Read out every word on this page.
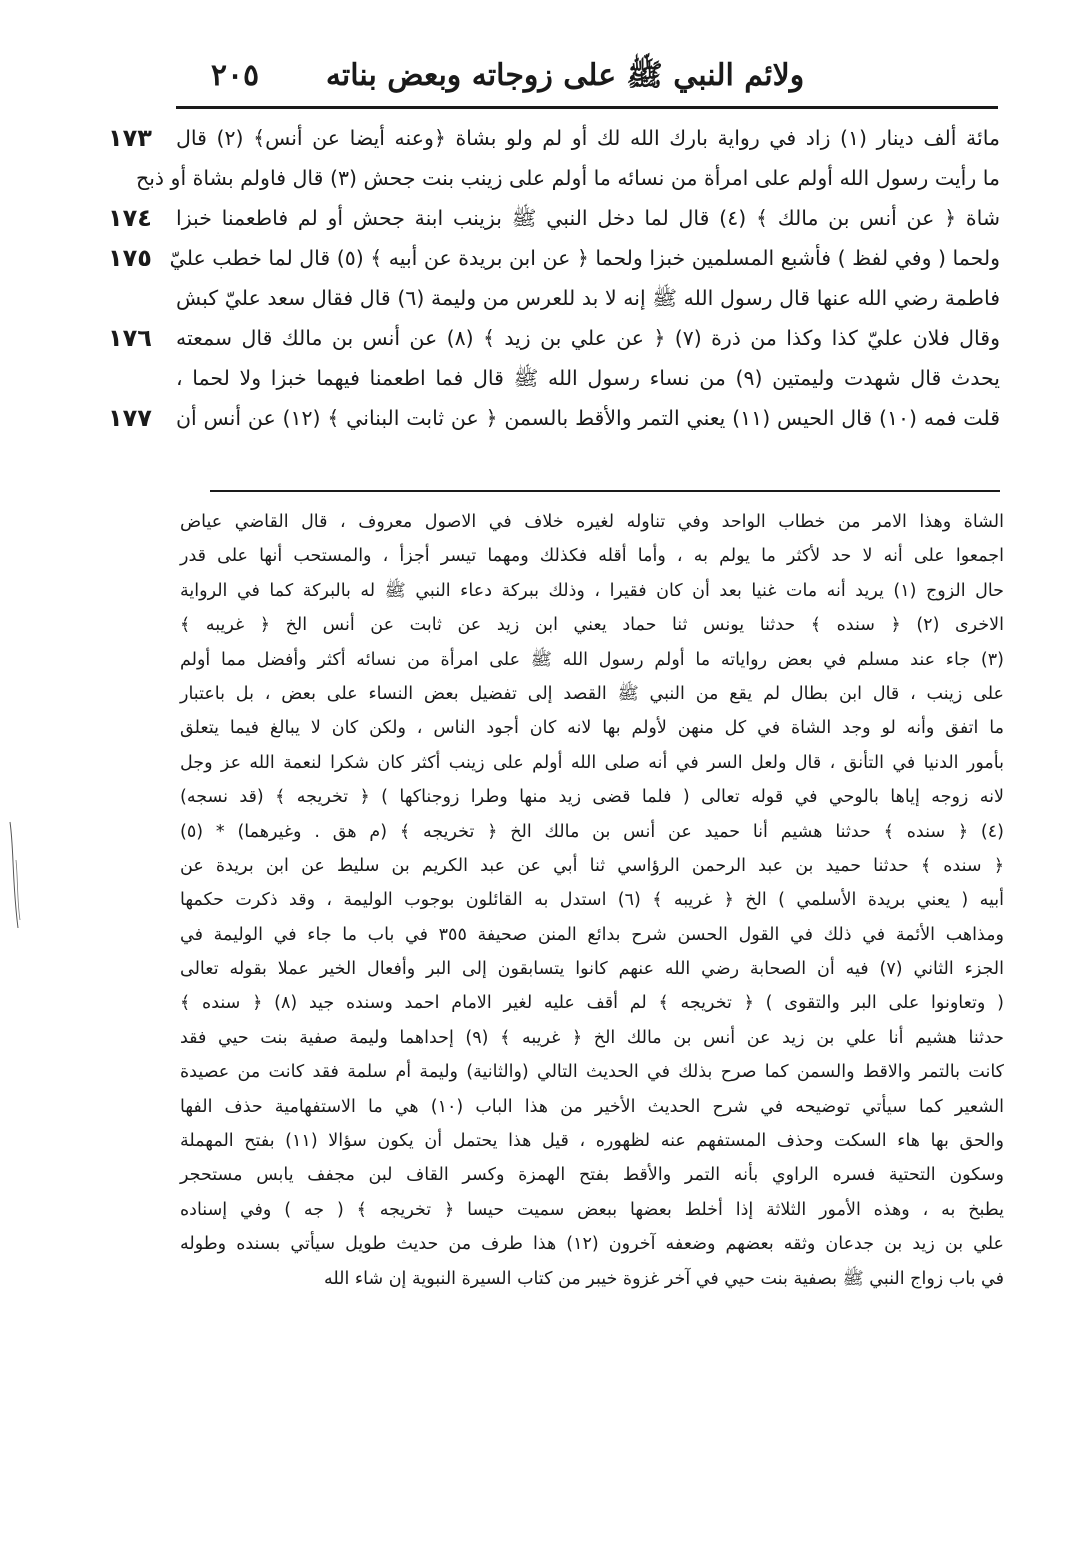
ولائم النبي ﷺ على زوجاته وبعض بناته
٢٠٥
مائة ألف دينار (١) زاد في رواية بارك الله لك أو لم ولو بشاة ﴿وعنه أيضا عن أنس﴾ (٢) قال
ما رأيت رسول الله أولم على امرأة من نسائه ما أولم على زينب بنت جحش (٣) قال فاولم بشاة أو ذبح
شاة ﴿ عن أنس بن مالك ﴾ (٤) قال لما دخل النبي ﷺ بزينب ابنة جحش أو لم فاطعمنا خبزا
ولحما ( وفي لفظ ) فأشبع المسلمين خبزا ولحما ﴿ عن ابن بريدة عن أبيه ﴾ (٥) قال لما خطب عليّ
فاطمة رضي الله عنها قال رسول الله ﷺ إنه لا بد للعرس من وليمة (٦) قال فقال سعد عليّ كبش
وقال فلان عليّ كذا وكذا من ذرة (٧) ﴿ عن علي بن زيد ﴾ (٨) عن أنس بن مالك قال سمعته
يحدث قال شهدت وليمتين (٩) من نساء رسول الله ﷺ قال فما اطعمنا فيهما خبزا ولا لحما ،
قلت فمه (١٠) قال الحيس (١١) يعني التمر والأقط بالسمن ﴿ عن ثابت البناني ﴾ (١٢) عن أنس أن
١٧٣
١٧٤
١٧٥
١٧٦
١٧٧
الشاة وهذا الامر من خطاب الواحد وفي تناوله لغيره خلاف في الاصول معروف ، قال القاضي عياض
اجمعوا على أنه لا حد لأكثر ما يولم به ، وأما أقله فكذلك ومهما تيسر أجزأ ، والمستحب أنها على قدر
حال الزوج (١) يريد أنه مات غنيا بعد أن كان فقيرا ، وذلك ببركة دعاء النبي ﷺ له بالبركة كما في الرواية
الاخرى (٢) ﴿ سنده ﴾ حدثنا يونس ثنا حماد يعني ابن زيد عن ثابت عن أنس الخ ﴿ غريبه ﴾
(٣) جاء عند مسلم في بعض رواياته ما أولم رسول الله ﷺ على امرأة من نسائه أكثر وأفضل مما أولم
على زينب ، قال ابن بطال لم يقع من النبي ﷺ القصد إلى تفضيل بعض النساء على بعض ، بل باعتبار
ما اتفق وأنه لو وجد الشاة في كل منهن لأولم بها لانه كان أجود الناس ، ولكن كان لا يبالغ فيما يتعلق
بأمور الدنيا في التأنق ، قال ولعل السر في أنه صلى الله أولم على زينب أكثر كان شكرا لنعمة الله عز وجل
لانه زوجه إياها بالوحي في قوله تعالى ( فلما قضى زيد منها وطرا زوجناكها ) ﴿ تخريجه ﴾ (قد نسجه)
(٤) ﴿ سنده ﴾ حدثنا هشيم أنا حميد عن أنس بن مالك الخ ﴿ تخريجه ﴾ (م هق . وغيرهما) * (٥)
﴿ سنده ﴾ حدثنا حميد بن عبد الرحمن الرؤاسي ثنا أبي عن عبد الكريم بن سليط عن ابن بريدة عن
أبيه ( يعني بريدة الأسلمي ) الخ ﴿ غريبه ﴾ (٦) استدل به القائلون بوجوب الوليمة ، وقد ذكرت حكمها
ومذاهب الأئمة في ذلك في القول الحسن شرح بدائع المنن صحيفة ٣٥٥ في باب ما جاء في الوليمة في
الجزء الثاني (٧) فيه أن الصحابة رضي الله عنهم كانوا يتسابقون إلى البر وأفعال الخير عملا بقوله تعالى
( وتعاونوا على البر والتقوى ) ﴿ تخريجه ﴾ لم أقف عليه لغير الامام احمد وسنده جيد (٨) ﴿ سنده ﴾
حدثنا هشيم أنا علي بن زيد عن أنس بن مالك الخ ﴿ غريبه ﴾ (٩) إحداهما وليمة صفية بنت حيي فقد
كانت بالتمر والاقط والسمن كما صرح بذلك في الحديث التالي (والثانية) وليمة أم سلمة فقد كانت من عصيدة
الشعير كما سيأتي توضيحه في شرح الحديث الأخير من هذا الباب (١٠) هي ما الاستفهامية حذف الفها
والحق بها هاء السكت وحذف المستفهم عنه لظهوره ، قيل هذا يحتمل أن يكون سؤالا (١١) بفتح المهملة
وسكون التحتية فسره الراوي بأنه التمر والأقط بفتح الهمزة وكسر القاف لبن مجفف يابس مستحجر
يطبخ به ، وهذه الأمور الثلاثة إذا أخلط بعضها ببعض سميت حيسا ﴿ تخريجه ﴾ ( جه ) وفي إسناده
علي بن زيد بن جدعان وثقه بعضهم وضعفه آخرون (١٢) هذا طرف من حديث طويل سيأتي بسنده وطوله
في باب زواج النبي ﷺ بصفية بنت حيي في آخر غزوة خيبر من كتاب السيرة النبوية إن شاء الله
